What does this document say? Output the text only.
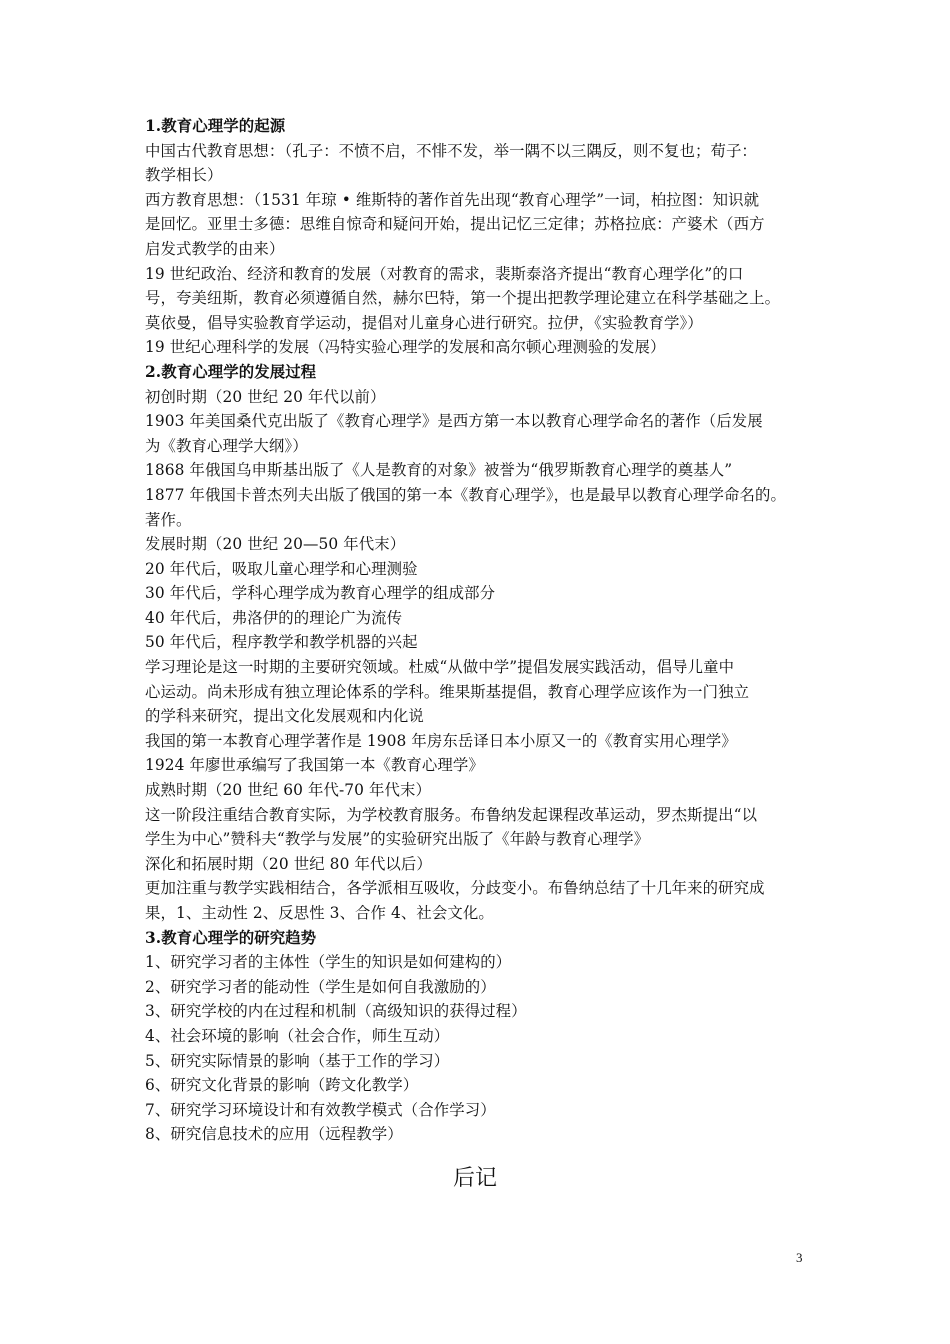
1.教育心理学的起源
中国古代教育思想：（孔子：不愤不启，不悱不发，举一隅不以三隅反，则不复也；荀子：
教学相长）
西方教育思想：（1531 年琼 • 维斯特的著作首先出现“教育心理学”一词，柏拉图：知识就
是回忆。亚里士多德：思维自惊奇和疑问开始，提出记忆三定律；苏格拉底：产婆术（西方
启发式教学的由来）
19 世纪政治、经济和教育的发展（对教育的需求，裴斯泰洛齐提出“教育心理学化”的口
号，夸美纽斯，教育必须遵循自然，赫尔巴特，第一个提出把教学理论建立在科学基础之上。
莫依曼，倡导实验教育学运动，提倡对儿童身心进行研究。拉伊，《实验教育学》）
19 世纪心理科学的发展（冯特实验心理学的发展和高尔顿心理测验的发展）
2.教育心理学的发展过程
初创时期（20 世纪 20 年代以前）
1903 年美国桑代克出版了《教育心理学》是西方第一本以教育心理学命名的著作（后发展
为《教育心理学大纲》）
1868 年俄国乌申斯基出版了《人是教育的对象》被誉为“俄罗斯教育心理学的奠基人”
1877 年俄国卡普杰列夫出版了俄国的第一本《教育心理学》，也是最早以教育心理学命名的。
著作。
发展时期（20 世纪 20—50 年代末）
20 年代后，吸取儿童心理学和心理测验
30 年代后，学科心理学成为教育心理学的组成部分
40 年代后，弗洛伊的的理论广为流传
50 年代后，程序教学和教学机器的兴起
学习理论是这一时期的主要研究领域。杜威“从做中学”提倡发展实践活动，倡导儿童中
心运动。尚未形成有独立理论体系的学科。维果斯基提倡，教育心理学应该作为一门独立
的学科来研究，提出文化发展观和内化说
我国的第一本教育心理学著作是 1908 年房东岳译日本小原又一的《教育实用心理学》
1924 年廖世承编写了我国第一本《教育心理学》
成熟时期（20 世纪 60 年代-70 年代末）
这一阶段注重结合教育实际，为学校教育服务。布鲁纳发起课程改革运动，罗杰斯提出“以
学生为中心”赞科夫“教学与发展”的实验研究出版了《年龄与教育心理学》
深化和拓展时期（20 世纪 80 年代以后）
更加注重与教学实践相结合，各学派相互吸收，分歧变小。布鲁纳总结了十几年来的研究成
果，1、主动性 2、反思性 3、合作 4、社会文化。
3.教育心理学的研究趋势
1、研究学习者的主体性（学生的知识是如何建构的）
2、研究学习者的能动性（学生是如何自我激励的）
3、研究学校的内在过程和机制（高级知识的获得过程）
4、社会环境的影响（社会合作，师生互动）
5、研究实际情景的影响（基于工作的学习）
6、研究文化背景的影响（跨文化教学）
7、研究学习环境设计和有效教学模式（合作学习）
8、研究信息技术的应用（远程教学）
后记
3
